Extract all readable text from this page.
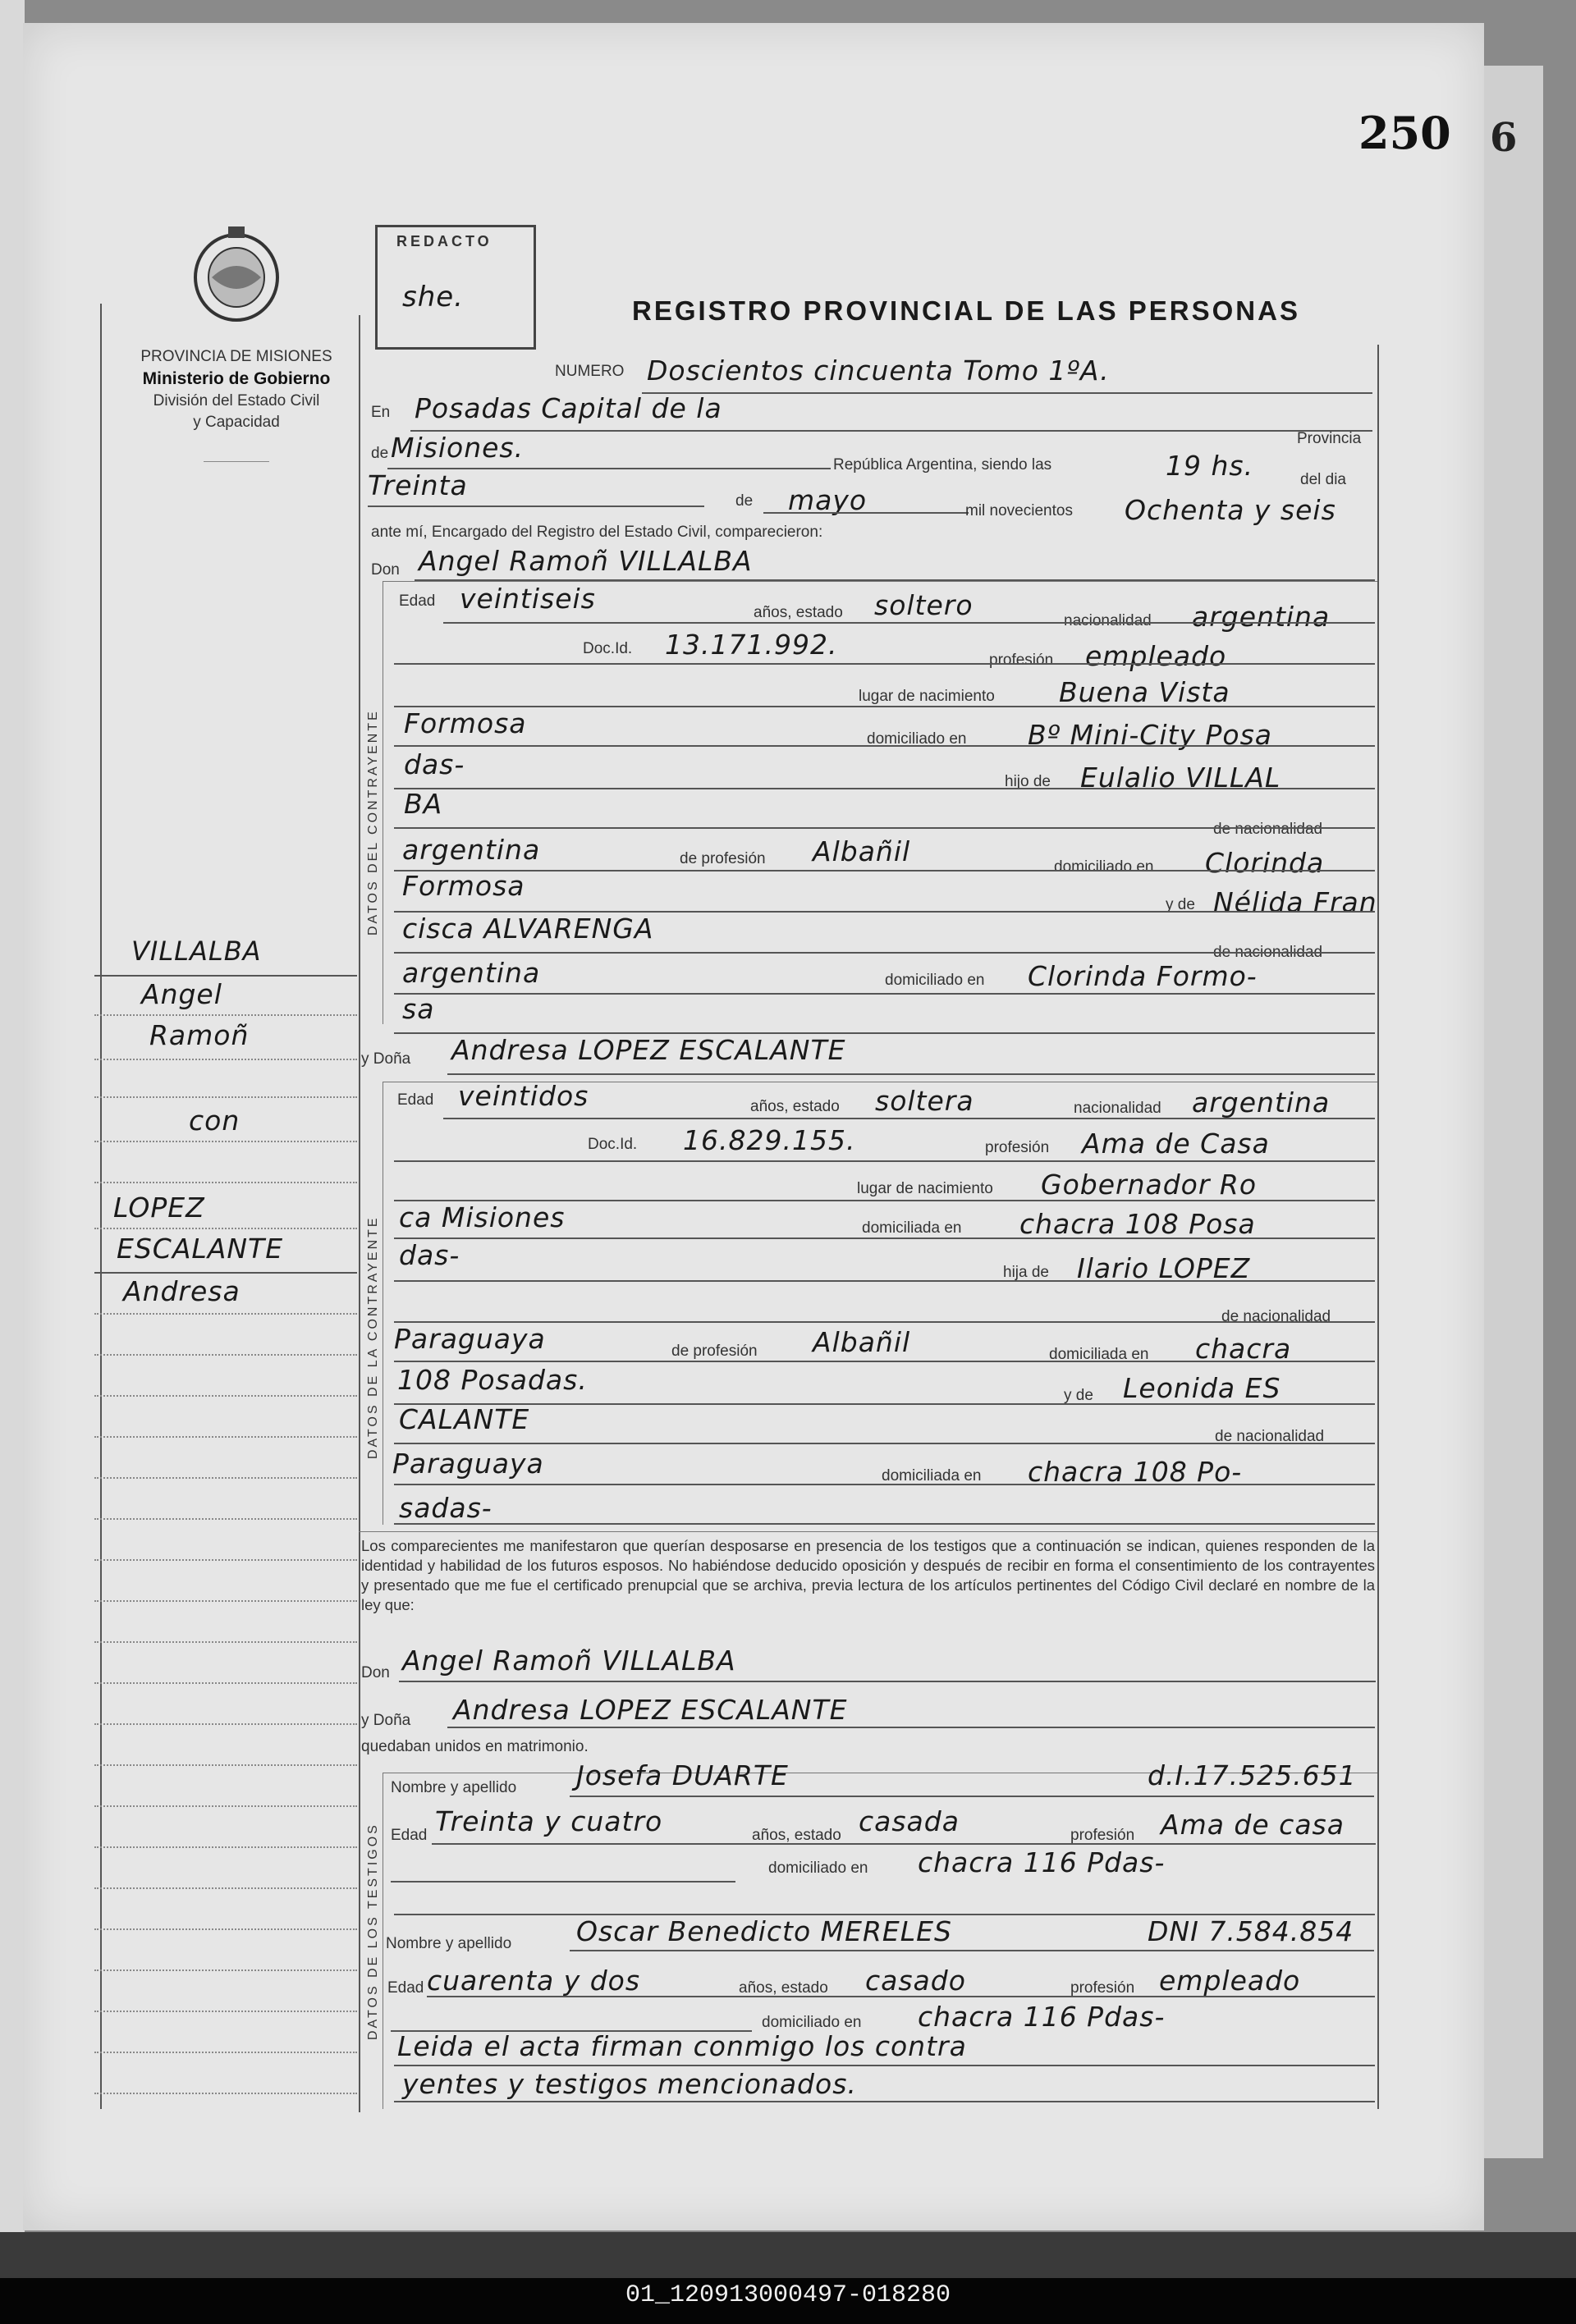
250 6
PROVINCIA DE MISIONES
Ministerio de Gobierno
División del Estado Civil
y Capacidad
REDACTO
she.	REGISTRO PROVINCIAL DE LAS PERSONAS
DATOS DEL CONTRAYENTE
DATOS DE LA CONTRAYENTE
DATOS DE LOS TESTIGOS
VILLALBA
Angel
Ramoñ
con
LOPEZ
ESCALANTE
Andresa
NUMERO Doscientos cincuenta Tomo 1ºA.
En Posadas Capital de la
de Misiones.
República Argentina, siendo las	19 hs.	del dia
Provincia
Treinta	de mayo	mil novecientos Ochenta y seis
ante mí, Encargado del Registro del Estado Civil, comparecieron:
Don Angel Ramoñ VILLALBA
Edad veintiseis	años, estado soltero	nacionalidad argentina
Doc.Id. 13.171.992.	profesión empleado
lugar de nacimiento Buena Vista
Formosa	domiciliado en Bº Mini-City Posa
das-
hijo de Eulalio VILLAL
BA
de nacionalidad
argentina	de profesión Albañil	domiciliado en Clorinda
Formosa
y de Nélida Fran
cisca ALVARENGA
de nacionalidad
argentina	domiciliado en Clorinda Formo-
sa
y Doña Andresa LOPEZ ESCALANTE
Edad veintidos	años, estado soltera	nacionalidad argentina
Doc.Id. 16.829.155.	profesión Ama de Casa
lugar de nacimiento Gobernador Ro
ca Misiones	domiciliada en chacra 108 Posa
das-
hija de Ilario LOPEZ
de nacionalidad
Paraguaya	de profesión Albañil	domiciliada en chacra
108 Posadas.	y de Leonida ES
CALANTE
de nacionalidad
Paraguaya	domiciliada en chacra 108 Po-
sadas-
Los comparecientes me manifestaron que querían desposarse en presencia de los testigos que a continuación se indican, quienes responden de la identidad y habilidad de los futuros esposos. No habiéndose deducido oposición y después de recibir en forma el consentimiento de los contrayentes y presentado que me fue el certificado prenupcial que se archiva, previa lectura de los artículos pertinentes del Código Civil declaré en nombre de la ley que:
Don Angel Ramoñ VILLALBA
y Doña Andresa LOPEZ ESCALANTE
quedaban unidos en matrimonio.
Nombre y apellido Josefa DUARTE	d.I.17.525.651
Edad Treinta y cuatro	años, estado casada	profesión Ama de casa
domiciliado en chacra 116 Pdas-
Nombre y apellido Oscar Benedicto MERELES	DNI 7.584.854
Edad cuarenta y dos	años, estado casado	profesión empleado
domiciliado en chacra 116 Pdas-
Leida el acta firman conmigo los contra
yentes y testigos mencionados.
01_120913000497-018280
